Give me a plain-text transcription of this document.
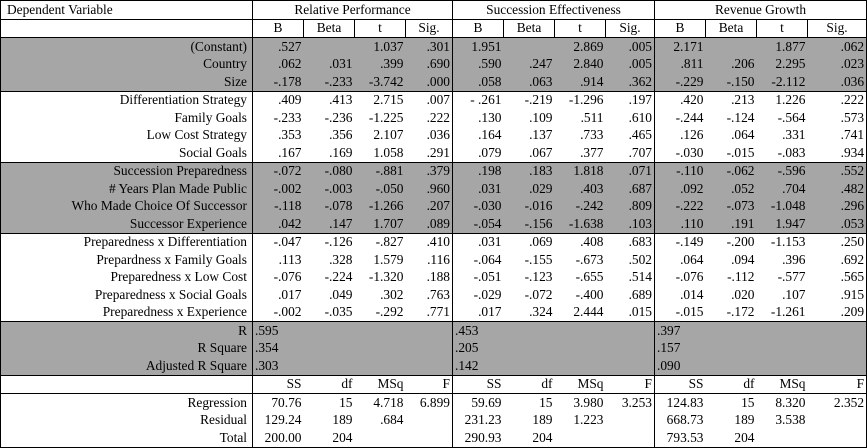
Dependent Variable	Relative Performance				Succession Effectiveness				Revenue Growth			
	B	Beta	t	Sig.	B	Beta	t	Sig.	B	Beta	t	Sig.
(Constant)	.527		1.037	.301	1.951		2.869	.005	2.171		1.877	.062
Country	.062	.031	.399	.690	.590	.247	2.840	.005	.811	.206	2.295	.023
Size	-.178	-.233	-3.742	.000	.058	.063	.914	.362	-.229	-.150	-2.112	.036
Differentiation Strategy	.409	.413	2.715	.007	- .261	-.219	-1.296	.197	.420	.213	1.226	.222
Family Goals	-.233	-.236	-1.225	.222	.130	.109	.511	.610	-.244	-.124	-.564	.573
Low Cost Strategy	.353	.356	2.107	.036	.164	.137	.733	.465	.126	.064	.331	.741
Social Goals	.167	.169	1.058	.291	.079	.067	.377	.707	-.030	-.015	-.083	.934
Succession Preparedness	-.072	-.080	-.881	.379	.198	.183	1.818	.071	-.110	-.062	-.596	.552
# Years Plan Made Public	-.002	-.003	-.050	.960	.031	.029	.403	.687	.092	.052	.704	.482
Who Made Choice Of Successor	-.118	-.078	-1.266	.207	-.030	-.016	-.242	.809	-.222	-.073	-1.048	.296
Successor Experience	.042	.147	1.707	.089	-.054	-.156	-1.638	.103	.110	.191	1.947	.053
Preparedness x Differentiation	-.047	-.126	-.827	.410	.031	.069	.408	.683	-.149	-.200	-1.153	.250
Prepardness x Family Goals	.113	.328	1.579	.116	-.064	-.155	-.673	.502	.064	.094	.396	.692
Preparedness x Low Cost	-.076	-.224	-1.320	.188	-.051	-.123	-.655	.514	-.076	-.112	-.577	.565
Preparedness x Social Goals	.017	.049	.302	.763	-.029	-.072	-.400	.689	.014	.020	.107	.915
Preparedness x Experience	-.002	-.035	-.292	.771	.017	.324	2.444	.015	-.015	-.172	-1.261	.209
R	.595				.453				.397			
R Square	.354				.205				.157			
Adjusted R Square	.303				.142				.090			
	SS	df	MSq	F	SS	df	MSq	F	SS	df	MSq	F
Regression	70.76	15	4.718	6.899	59.69	15	3.980	3.253	124.83	15	8.320	2.352
Residual	129.24	189	.684		231.23	189	1.223		668.73	189	3.538	
Total	200.00	204			290.93	204			793.53	204		
